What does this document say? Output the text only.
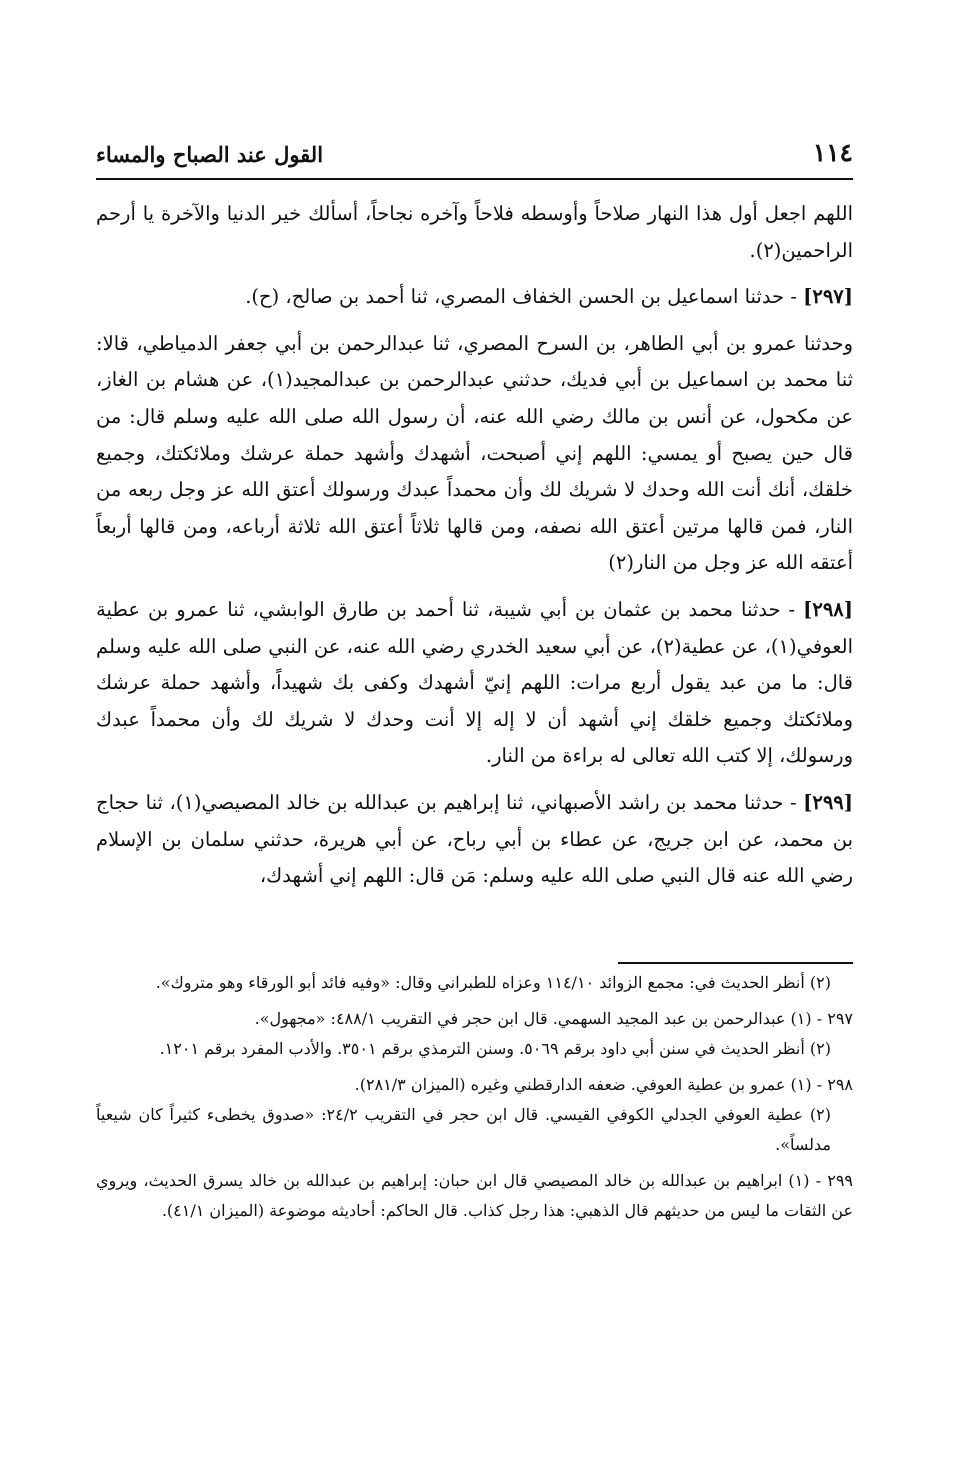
١١٤
القول عند الصباح والمساء

اللهم اجعل أول هذا النهار صلاحاً وأوسطه فلاحاً وآخره نجاحاً، أسألك خير الدنيا والآخرة يا أرحم الراحمين(٢).

[٢٩٧] - حدثنا اسماعيل بن الحسن الخفاف المصري، ثنا أحمد بن صالح، (ح).

وحدثنا عمرو بن أبي الطاهر، بن السرح المصري، ثنا عبدالرحمن بن أبي جعفر الدمياطي، قالا: ثنا محمد بن اسماعيل بن أبي فديك، حدثني عبدالرحمن بن عبدالمجيد(١)، عن هشام بن الغاز، عن مكحول، عن أنس بن مالك رضي الله عنه، أن رسول الله صلى الله عليه وسلم قال: من قال حين يصبح أو يمسي: اللهم إني أصبحت، أشهدك وأشهد حملة عرشك وملائكتك، وجميع خلقك، أنك أنت الله وحدك لا شريك لك وأن محمداً عبدك ورسولك أعتق الله عز وجل ربعه من النار، فمن قالها مرتين أعتق الله نصفه، ومن قالها ثلاثاً أعتق الله ثلاثة أرباعه، ومن قالها أربعاً أعتقه الله عز وجل من النار(٢)

[٢٩٨] - حدثنا محمد بن عثمان بن أبي شيبة، ثنا أحمد بن طارق الوابشي، ثنا عمرو بن عطية العوفي(١)، عن عطية(٢)، عن أبي سعيد الخدري رضي الله عنه، عن النبي صلى الله عليه وسلم قال: ما من عبد يقول أربع مرات: اللهم إنيّ أشهدك وكفى بك شهيداً، وأشهد حملة عرشك وملائكتك وجميع خلقك إني أشهد أن لا إله إلا أنت وحدك لا شريك لك وأن محمداً عبدك ورسولك، إلا كتب الله تعالى له براءة من النار.

[٢٩٩] - حدثنا محمد بن راشد الأصبهاني، ثنا إبراهيم بن عبدالله بن خالد المصيصي(١)، ثنا حجاج بن محمد، عن ابن جريج، عن عطاء بن أبي رباح، عن أبي هريرة، حدثني سلمان بن الإسلام رضي الله عنه قال النبي صلى الله عليه وسلم: مَن قال: اللهم إني أشهدك،

(٢) أنظر الحديث في: مجمع الزوائد ١١٤/١٠ وعزاه للطبراني وقال: «وفيه فائد أبو الورقاء وهو متروك».

٢٩٧ - (١) عبدالرحمن بن عبد المجيد السهمي. قال ابن حجر في التقريب ٤٨٨/١: «مجهول».

(٢) أنظر الحديث في سنن أبي داود برقم ٥٠٦٩. وسنن الترمذي برقم ٣٥٠١. والأدب المفرد برقم ١٢٠١.

٢٩٨ - (١) عمرو بن عطية العوفي. ضعفه الدارقطني وغيره (الميزان ٢٨١/٣).

(٢) عطية العوفي الجدلي الكوفي القيسي. قال ابن حجر في التقريب ٢٤/٢: «صدوق يخطىء كثيراً كان شيعياً مدلساً».

٢٩٩ - (١) ابراهيم بن عبدالله بن خالد المصيصي قال ابن حبان: إبراهيم بن عبدالله بن خالد يسرق الحديث، ويروي عن الثقات ما ليس من حديثهم قال الذهبي: هذا رجل كذاب. قال الحاكم: أحاديثه موضوعة (الميزان ٤١/١).
